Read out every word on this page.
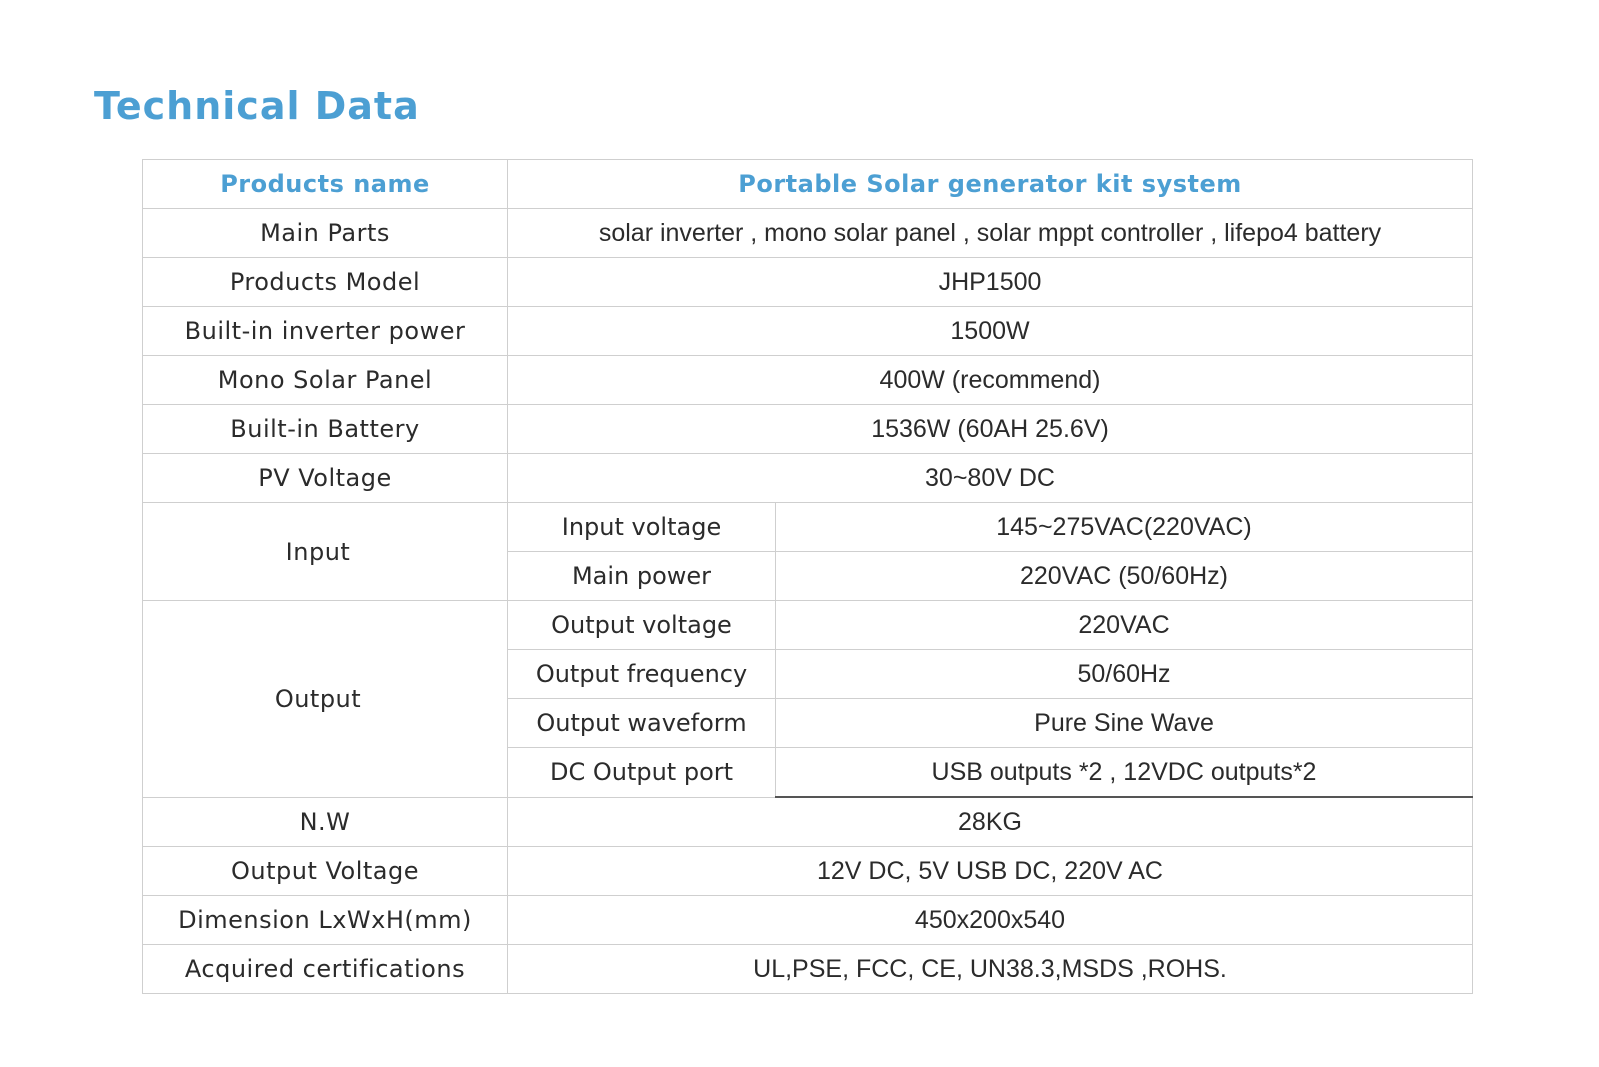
Technical Data
Products name	Portable Solar generator kit system	
Main Parts	solar inverter , mono solar panel , solar mppt controller , lifepo4 battery	
Products Model	JHP1500	
Built-in inverter power	1500W	
Mono Solar Panel	400W (recommend)	
Built-in Battery	1536W (60AH 25.6V)	
PV Voltage	30~80V DC	
Input	Input voltage	145~275VAC(220VAC)
	Main power	220VAC (50/60Hz)
Output	Output voltage	220VAC
	Output frequency	50/60Hz
	Output waveform	Pure Sine Wave
	DC Output port	USB outputs *2 , 12VDC outputs*2
N.W	28KG	
Output Voltage	12V DC, 5V USB DC, 220V AC	
Dimension LxWxH(mm)	450x200x540	
Acquired certifications	UL,PSE, FCC, CE, UN38.3,MSDS ,ROHS.	
